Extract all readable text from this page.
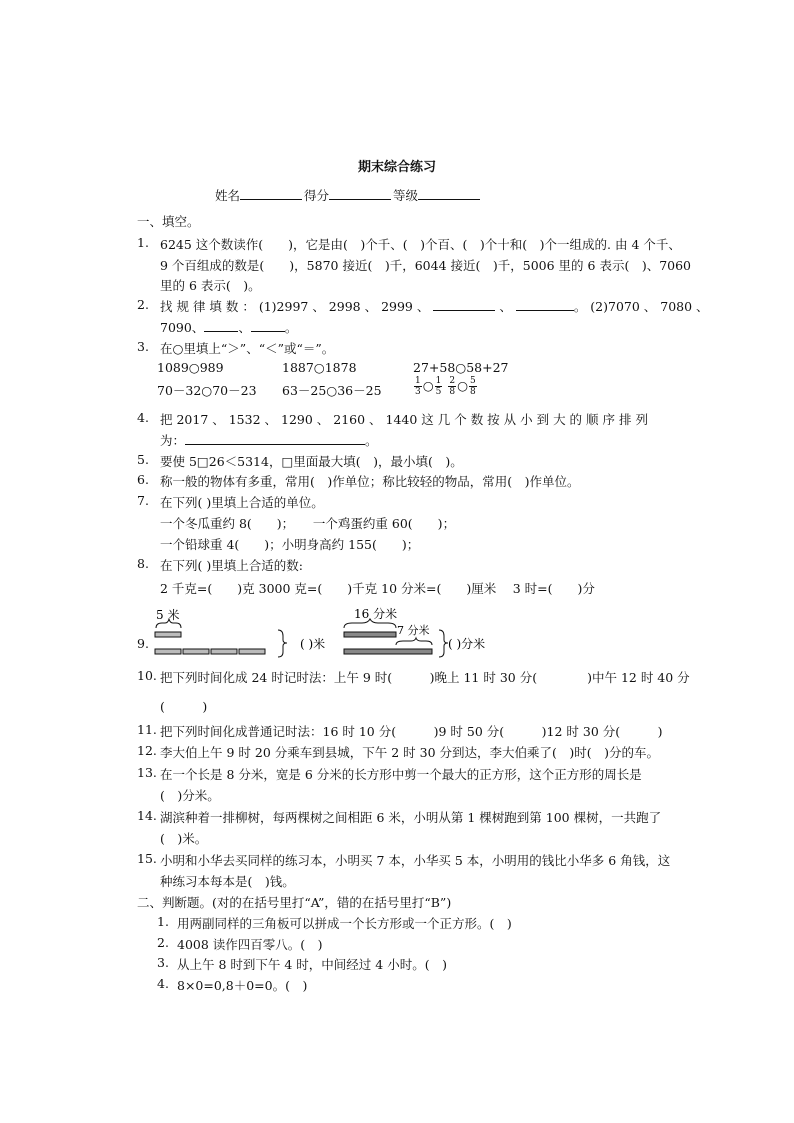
期末综合练习
姓名	得分	等级
一、填空。
1. 6245 这个数读作(　　)，它是由(　)个千、(　)个百、(　)个十和(　)个一组成的. 由 4 个千、
9 个百组成的数是(　　)，5870 接近(　)千，6044 接近(　)千，5006 里的 6 表示(　)、7060
里的 6 表示(　)。
2. 找 规 律 填 数 ： (1)2997 、 2998 、 2999 、	、	。 (2)7070 、 7080 、
7090、	、	。
3. 在○里填上“＞”、“＜”或“＝”。
1089○989	1887○1878	27+58○58+27
70－32○70－23 63－25○36－25	$\frac{1}{3}$ ○ $\frac{1}{5}$
$\frac{2}{8}$ ○ $\frac{5}{8}$
4. 把 2017 、 1532 、 1290 、 2160 、 1440 这 几 个 数 按 从 小 到 大 的 顺 序 排 列
为：	。
5. 要使 5□26＜5314，□里面最大填(　)，最小填(　)。
6. 称一般的物体有多重，常用(　)作单位；称比较轻的物品，常用(　)作单位。
7. 在下列( )里填上合适的单位。
一个冬瓜重约 8(　　)；　　一个鸡蛋约重 60(　　)；
一个铅球重 4(　　)；小明身高约 155(　　)；
8. 在下列( )里填上合适的数:
2 千克=(　　)克 3000 克=(　　)千克 10 分米=(　　)厘米　 3 时=(　　)分
9.
5 米
( )米
16 分米
7 分米
( )分米
10. 把下列时间化成 24 时记时法：上午 9 时(　　　)晚上 11 时 30 分(　　　　)中午 12 时 40 分
(　　　)
11. 把下列时间化成普通记时法：16 时 10 分(　　　)9 时 50 分(　　　)12 时 30 分(　　　)
12. 李大伯上午 9 时 20 分乘车到县城，下午 2 时 30 分到达，李大伯乘了(　)时(　)分的车。
13. 在一个长是 8 分米，宽是 6 分米的长方形中剪一个最大的正方形，这个正方形的周长是
(　)分米。
14. 湖滨种着一排柳树，每两棵树之间相距 6 米，小明从第 1 棵树跑到第 100 棵树，一共跑了
(　)米。
15. 小明和小华去买同样的练习本，小明买 7 本，小华买 5 本，小明用的钱比小华多 6 角钱，这
种练习本每本是(　)钱。
二、判断题。(对的在括号里打“A”，错的在括号里打“B”)
1. 用两副同样的三角板可以拼成一个长方形或一个正方形。(　)
2. 4008 读作四百零八。(　)
3. 从上午 8 时到下午 4 时，中间经过 4 小时。(　)
4. 8×0=0,8＋0=0。(　)
